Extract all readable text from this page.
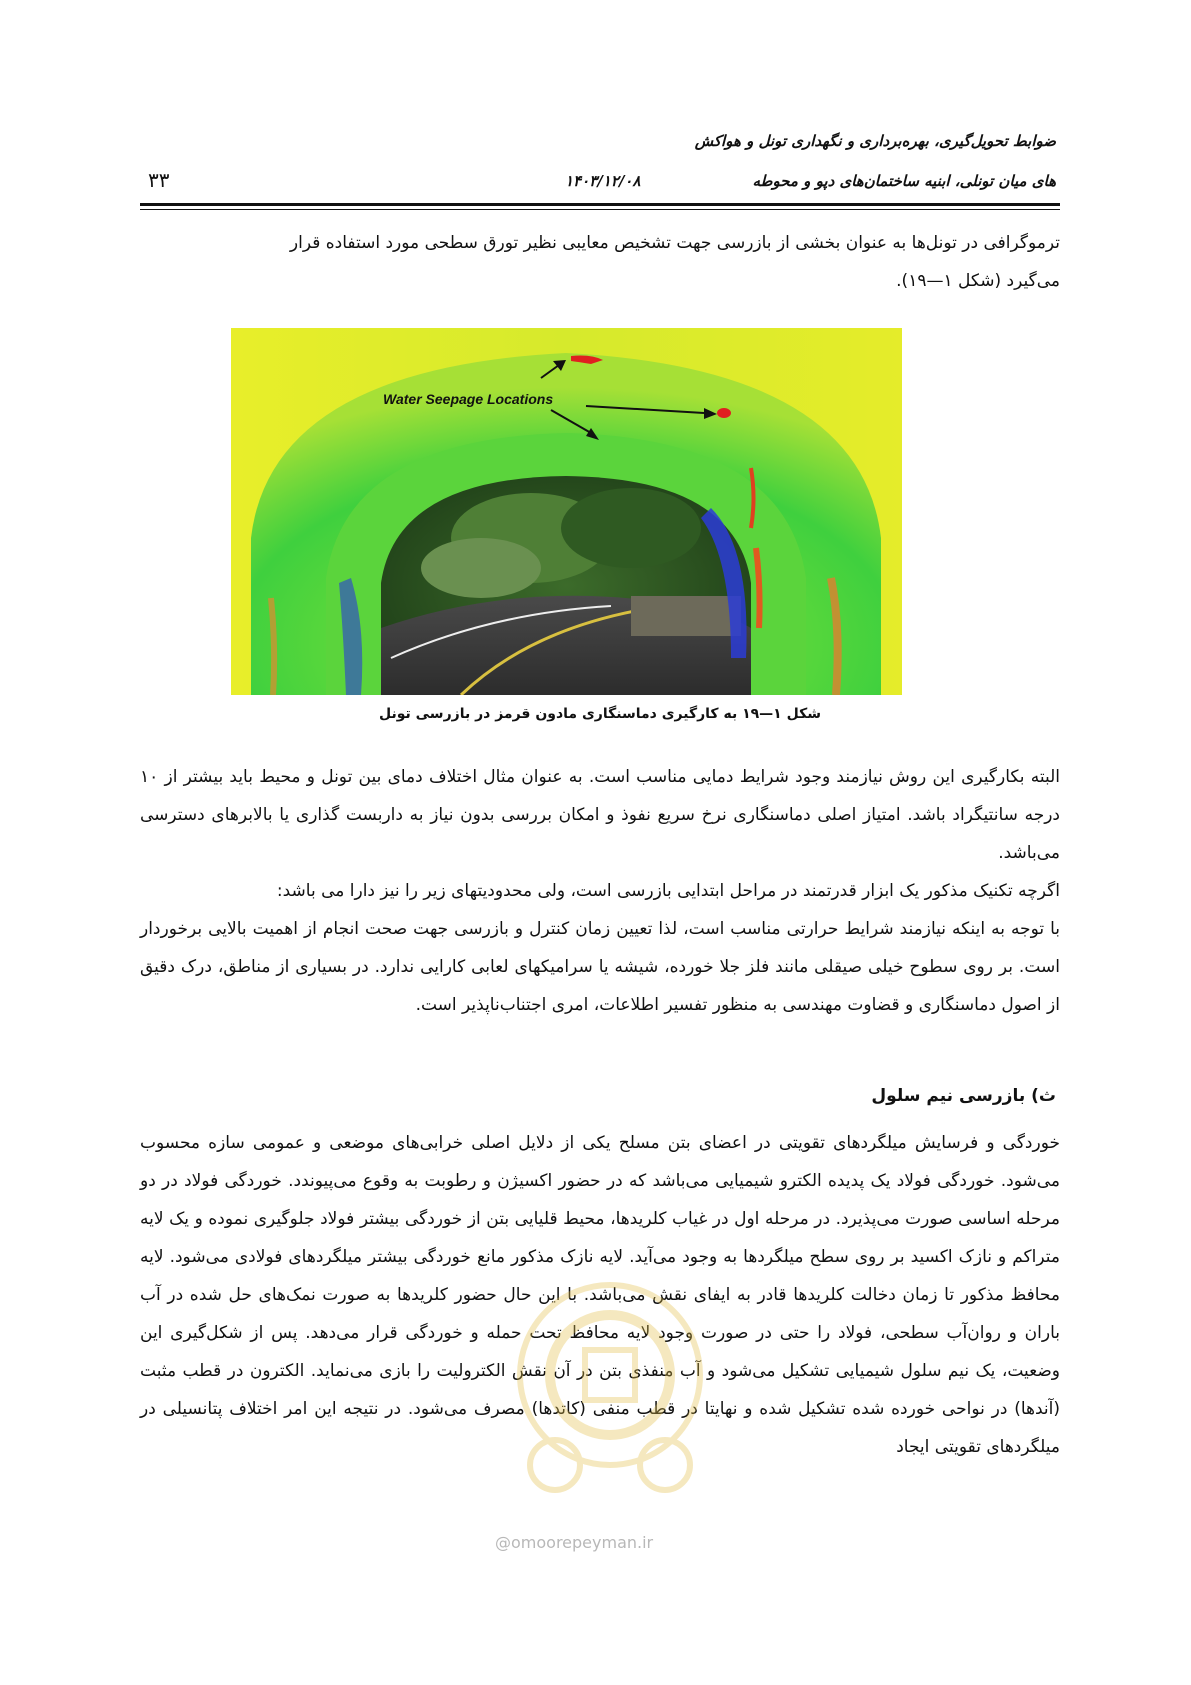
ضوابط تحویل‌گیری، بهره‌برداری و نگهداری تونل و هواکش
های میان تونلی، ابنیه ساختمان‌های دپو و محوطه
۱۴۰۳/۱۲/۰۸
۳۳
ترموگرافی در تونل‌ها به عنوان بخشی از بازرسی جهت تشخیص معایبی نظیر تورق سطحی مورد استفاده قرار
می‌گیرد (شکل ۱—۱۹).
Water Seepage Locations
شکل ۱—۱۹ به کارگیری دماسنگاری مادون قرمز در بازرسی تونل
البته بکارگیری این روش نیازمند وجود شرایط دمایی مناسب است. به عنوان مثال اختلاف دمای بین تونل و محیط باید بیشتر از ۱۰ درجه سانتیگراد باشد. امتیاز اصلی دماسنگاری نرخ سریع نفوذ و امکان بررسی بدون نیاز به داربست گذاری یا بالابرهای دسترسی می‌باشد.
اگرچه تکنیک مذکور یک ابزار قدرتمند در مراحل ابتدایی بازرسی است، ولی محدودیتهای زیر را نیز دارا می باشد:
با توجه به اینکه نیازمند شرایط حرارتی مناسب است، لذا تعیین زمان کنترل و بازرسی جهت صحت انجام از اهمیت بالایی برخوردار است. بر روی سطوح خیلی صیقلی مانند فلز جلا خورده، شیشه یا سرامیکهای لعابی کارایی ندارد. در بسیاری از مناطق، درک دقیق از اصول دماسنگاری و قضاوت مهندسی به منظور تفسیر اطلاعات، امری اجتناب‌ناپذیر است.
ث) بازرسی نیم سلول
خوردگی و فرسایش میلگردهای تقویتی در اعضای بتن مسلح یکی از دلایل اصلی خرابی‌های موضعی و عمومی سازه محسوب می‌شود. خوردگی فولاد یک پدیده الکترو شیمیایی می‌باشد که در حضور اکسیژن و رطوبت به وقوع می‌پیوندد. خوردگی فولاد در دو مرحله اساسی صورت می‌پذیرد. در مرحله اول در غیاب کلریدها، محیط قلیایی بتن از خوردگی بیشتر فولاد جلوگیری نموده و یک لایه متراکم و نازک اکسید بر روی سطح میلگردها به وجود می‌آید. لایه نازک مذکور مانع خوردگی بیشتر میلگردهای فولادی می‌شود. لایه محافظ مذکور تا زمان دخالت کلریدها قادر به ایفای نقش می‌باشد. با این حال حضور کلریدها به صورت نمک‌های حل شده در آب باران و روان‌آب سطحی، فولاد را حتی در صورت وجود لایه محافظ تحت حمله و خوردگی قرار می‌دهد. پس از شکل‌گیری این وضعیت، یک نیم سلول شیمیایی تشکیل می‌شود و آب منفذی بتن در آن نقش الکترولیت را بازی می‌نماید. الکترون در قطب مثبت (آندها) در نواحی خورده شده تشکیل شده و نهایتا در قطب منفی (کاتدها) مصرف می‌شود. در نتیجه این امر اختلاف پتانسیلی در میلگردهای تقویتی ایجاد
@omoorepeyman.ir
